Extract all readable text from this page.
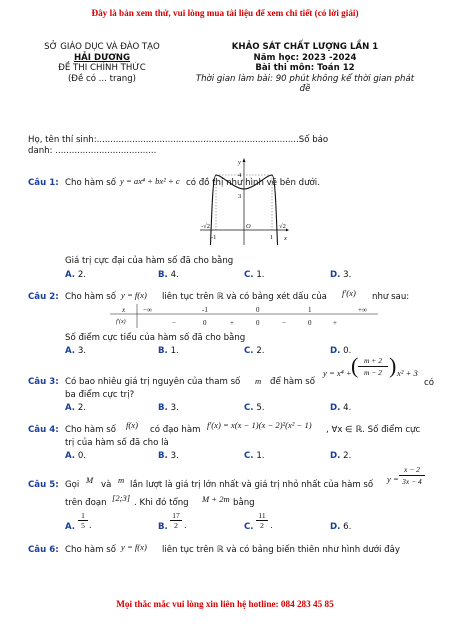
Đây là bản xem thử, vui lòng mua tài liệu để xem chi tiết (có lời giải)
Mọi thắc mắc vui lòng xin liên hệ hotline: 084 283 45 85
SỞ GIÁO DỤC VÀ ĐÀO TẠO
HẢI DƯƠNG
ĐỀ THI CHÍNH THỨC
(Đề có ... trang)
KHẢO SÁT CHẤT LƯỢNG LẦN 1
Năm học: 2023 -2024
Bài thi môn: Toán 12
Thời gian làm bài: 90 phút không kể thời gian phát
đề
Họ, tên thí sinh:..........................................................................Số báo
danh: .....................................
Câu 1: Cho hàm số y = ax⁴ + bx² + c có đồ thị như hình vẽ bên dưới.
y
x
4
3
O
-√2	√2
-1	1
Giá trị cực đại của hàm số đã cho bằng
A. 2.	B. 4.	C. 1.	D. 3.
Câu 2: Cho hàm số y = f(x) liên tục trên ℝ và có bảng xét dấu của f′(x) như sau:
x	−∞	-1	0	1	+∞
f′(x)	−	0	+	0	−	0	+
Số điểm cực tiểu của hàm số đã cho bằng
A. 3.	B. 1.	C. 2.	D. 0.
Câu 3: Có bao nhiêu giá trị nguyên của tham số m để hàm số
y = x⁴ +
m + 2
m − 2
( ) x² + 3
có
ba điểm cực trị?
A. 2.	B. 3.	C. 5.	D. 4.
Câu 4: Cho hàm số f(x) có đạo hàm f′(x) = x(x − 1)(x − 2)²(x² − 1) , ∀x ∈ ℝ. Số điểm cực
trị của hàm số đã cho là
A. 0.	B. 3.	C. 1.	D. 2.
Câu 5: Gọi M và m lần lượt là giá trị lớn nhất và giá trị nhỏ nhất của hàm số
y =
x − 2
3x − 4
trên đoạn [2;3] . Khi đó tổng M + 2m bằng
A.
1
5 .	B.
17
2 .	C.
11
2 .	D. 6.
Câu 6: Cho hàm số y = f(x) liên tục trên ℝ và có bảng biến thiên như hình dưới đây
